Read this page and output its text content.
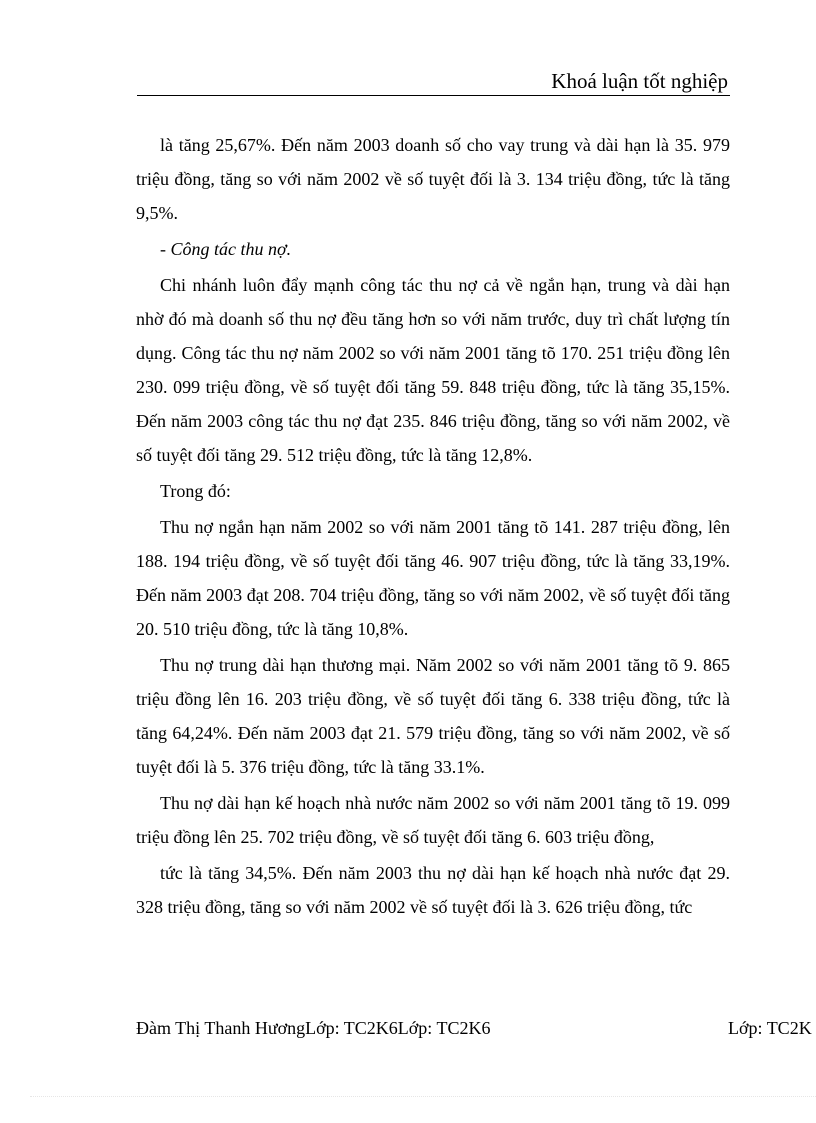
Khoá luận tốt nghiệp

là tăng 25,67%. Đến năm 2003 doanh số cho vay trung và dài hạn là 35. 979 triệu đồng, tăng so với năm 2002 về số tuyệt đối là 3. 134 triệu đồng, tức là tăng 9,5%.

- Công tác thu nợ.

Chi nhánh luôn đẩy mạnh công tác thu nợ cả về ngắn hạn, trung và dài hạn nhờ đó mà doanh số thu nợ đều tăng hơn so với năm trước, duy trì chất lượng tín dụng. Công tác thu nợ năm 2002 so với năm 2001 tăng tõ 170. 251 triệu đồng lên 230. 099 triệu đồng, về số tuyệt đối tăng 59. 848 triệu đồng, tức là tăng 35,15%. Đến năm 2003 công tác thu nợ đạt 235. 846 triệu đồng, tăng so với năm 2002, về số tuyệt đối tăng 29. 512 triệu đồng, tức là tăng 12,8%.

Trong đó:

Thu nợ ngắn hạn năm 2002 so với năm 2001 tăng tõ 141. 287 triệu đồng, lên 188. 194 triệu đồng, về số tuyệt đối tăng 46. 907 triệu đồng, tức là tăng 33,19%. Đến năm 2003 đạt 208. 704 triệu đồng, tăng so với năm 2002, về số tuyệt đối tăng 20. 510 triệu đồng, tức là tăng 10,8%.

Thu nợ trung dài hạn thương mại. Năm 2002 so với năm 2001 tăng tõ 9. 865 triệu đồng lên 16. 203 triệu đồng, về số tuyệt đối tăng 6. 338 triệu đồng, tức là tăng 64,24%. Đến năm 2003 đạt 21. 579 triệu đồng, tăng so với năm 2002, về số tuyệt đối là 5. 376 triệu đồng, tức là tăng 33.1%.

Thu nợ dài hạn kế hoạch nhà nước năm 2002 so với năm 2001 tăng tõ 19. 099 triệu đồng lên 25. 702 triệu đồng, về số tuyệt đối tăng 6. 603 triệu đồng,

tức là tăng 34,5%. Đến năm 2003 thu nợ dài hạn kế hoạch nhà nước đạt 29. 328 triệu đồng, tăng so với năm 2002 về số tuyệt đối là 3. 626 triệu đồng, tức

Đàm Thị Thanh HươngLớp: TC2K6Lớp: TC2K6	Lớp: TC2K
